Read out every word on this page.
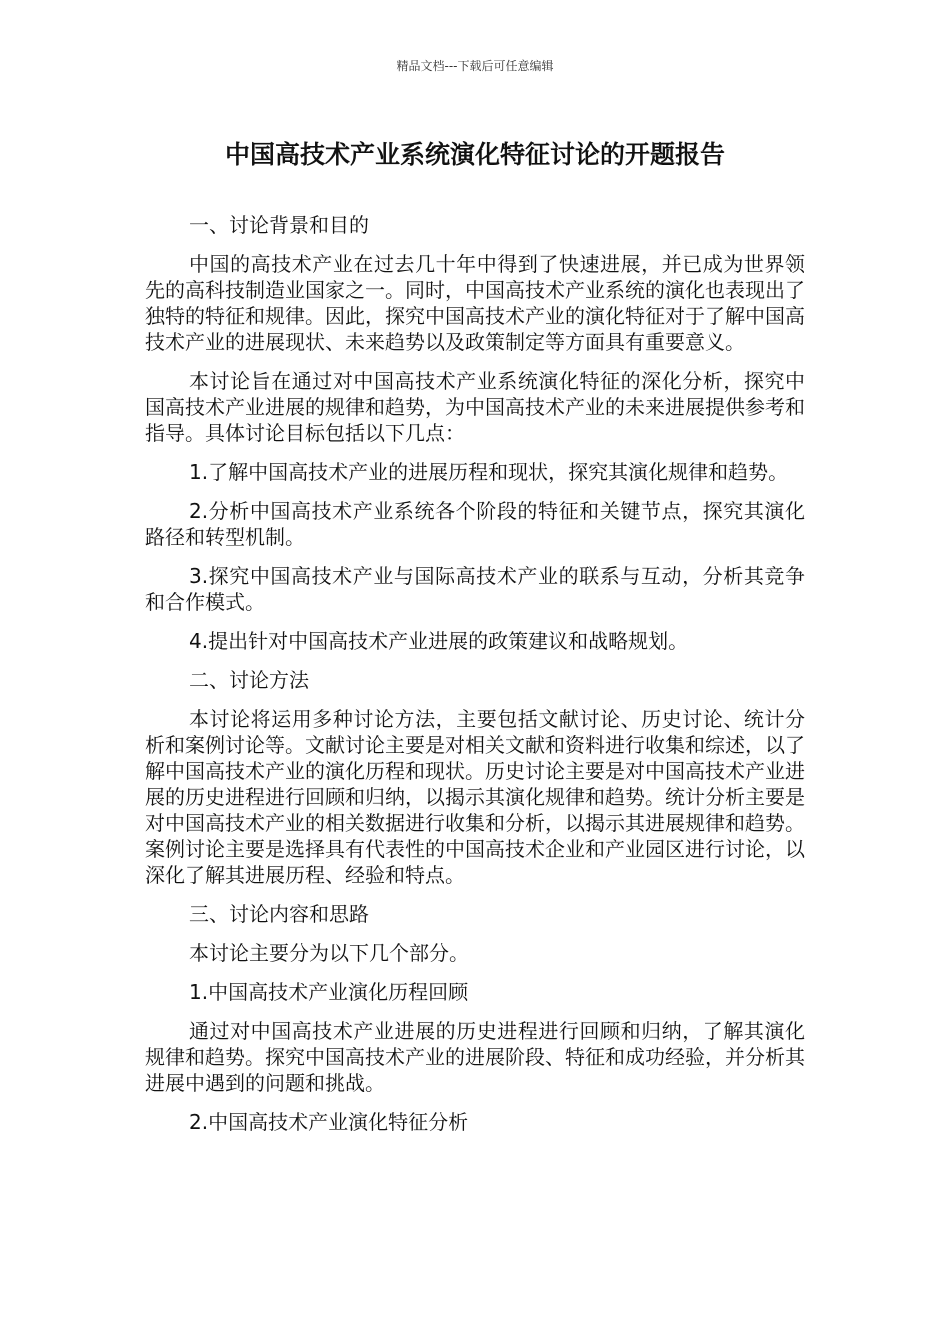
精品文档---下载后可任意编辑
中国高技术产业系统演化特征讨论的开题报告

一、讨论背景和目的

中国的高技术产业在过去几十年中得到了快速进展，并已成为世界领先的高科技制造业国家之一。同时，中国高技术产业系统的演化也表现出了独特的特征和规律。因此，探究中国高技术产业的演化特征对于了解中国高技术产业的进展现状、未来趋势以及政策制定等方面具有重要意义。

本讨论旨在通过对中国高技术产业系统演化特征的深化分析，探究中国高技术产业进展的规律和趋势，为中国高技术产业的未来进展提供参考和指导。具体讨论目标包括以下几点：

1.了解中国高技术产业的进展历程和现状，探究其演化规律和趋势。

2.分析中国高技术产业系统各个阶段的特征和关键节点，探究其演化路径和转型机制。

3.探究中国高技术产业与国际高技术产业的联系与互动，分析其竞争和合作模式。

4.提出针对中国高技术产业进展的政策建议和战略规划。

二、讨论方法

本讨论将运用多种讨论方法，主要包括文献讨论、历史讨论、统计分析和案例讨论等。文献讨论主要是对相关文献和资料进行收集和综述，以了解中国高技术产业的演化历程和现状。历史讨论主要是对中国高技术产业进展的历史进程进行回顾和归纳，以揭示其演化规律和趋势。统计分析主要是对中国高技术产业的相关数据进行收集和分析，以揭示其进展规律和趋势。案例讨论主要是选择具有代表性的中国高技术企业和产业园区进行讨论，以深化了解其进展历程、经验和特点。

三、讨论内容和思路

本讨论主要分为以下几个部分。

1.中国高技术产业演化历程回顾

通过对中国高技术产业进展的历史进程进行回顾和归纳，了解其演化规律和趋势。探究中国高技术产业的进展阶段、特征和成功经验，并分析其进展中遇到的问题和挑战。

2.中国高技术产业演化特征分析
